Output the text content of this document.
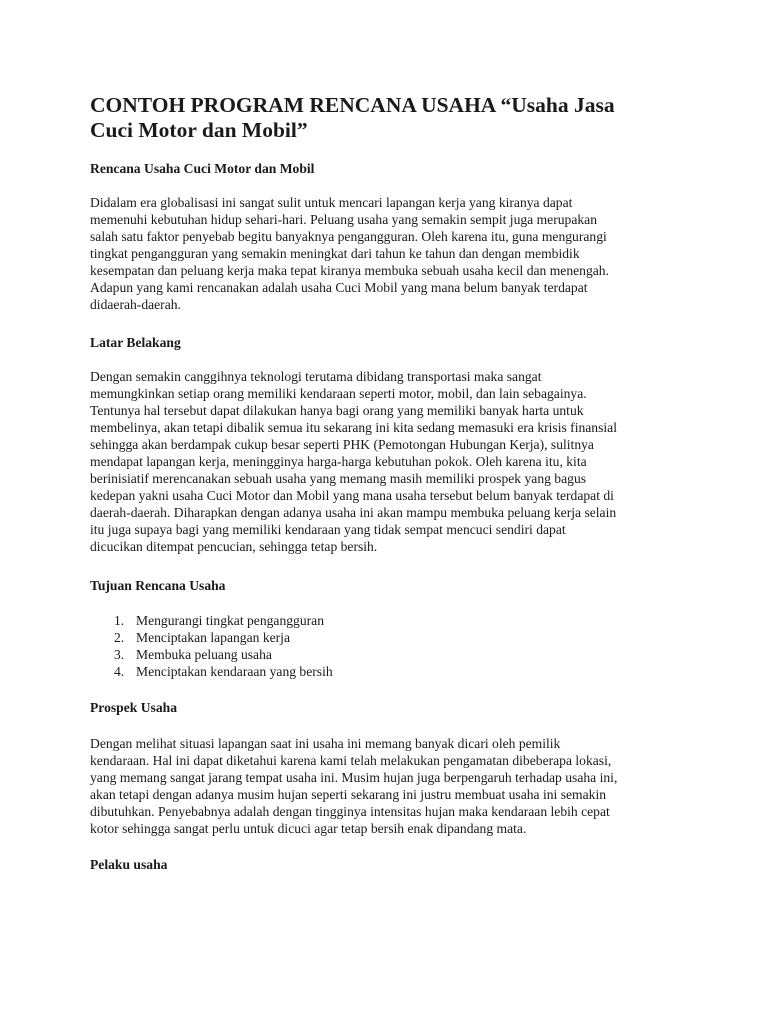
CONTOH PROGRAM RENCANA USAHA “Usaha Jasa
Cuci Motor dan Mobil”
Rencana Usaha Cuci Motor dan Mobil

Didalam era globalisasi ini sangat sulit untuk mencari lapangan kerja yang kiranya dapat
memenuhi kebutuhan hidup sehari-hari. Peluang usaha yang semakin sempit juga merupakan
salah satu faktor penyebab begitu banyaknya pengangguran. Oleh karena itu, guna mengurangi
tingkat pengangguran yang semakin meningkat dari tahun ke tahun dan dengan membidik
kesempatan dan peluang kerja maka tepat kiranya membuka sebuah usaha kecil dan menengah.
Adapun yang kami rencanakan adalah usaha Cuci Mobil yang mana belum banyak terdapat
didaerah-daerah.

Latar Belakang

Dengan semakin canggihnya teknologi terutama dibidang transportasi maka sangat
memungkinkan setiap orang memiliki kendaraan seperti motor, mobil, dan lain sebagainya.
Tentunya hal tersebut dapat dilakukan hanya bagi orang yang memiliki banyak harta untuk
membelinya, akan tetapi dibalik semua itu sekarang ini kita sedang memasuki era krisis finansial
sehingga akan berdampak cukup besar seperti PHK (Pemotongan Hubungan Kerja), sulitnya
mendapat lapangan kerja, meningginya harga-harga kebutuhan pokok. Oleh karena itu, kita
berinisiatif merencanakan sebuah usaha yang memang masih memiliki prospek yang bagus
kedepan yakni usaha Cuci Motor dan Mobil yang mana usaha tersebut belum banyak terdapat di
daerah-daerah. Diharapkan dengan adanya usaha ini akan mampu membuka peluang kerja selain
itu juga supaya bagi yang memiliki kendaraan yang tidak sempat mencuci sendiri dapat
dicucikan ditempat pencucian, sehingga tetap bersih.

Tujuan Rencana Usaha
1. Mengurangi tingkat pengangguran
2. Menciptakan lapangan kerja
3. Membuka peluang usaha
4. Menciptakan kendaraan yang bersih
Prospek Usaha

Dengan melihat situasi lapangan saat ini usaha ini memang banyak dicari oleh pemilik
kendaraan. Hal ini dapat diketahui karena kami telah melakukan pengamatan dibeberapa lokasi,
yang memang sangat jarang tempat usaha ini. Musim hujan juga berpengaruh terhadap usaha ini,
akan tetapi dengan adanya musim hujan seperti sekarang ini justru membuat usaha ini semakin
dibutuhkan. Penyebabnya adalah dengan tingginya intensitas hujan maka kendaraan lebih cepat
kotor sehingga sangat perlu untuk dicuci agar tetap bersih enak dipandang mata.

Pelaku usaha
